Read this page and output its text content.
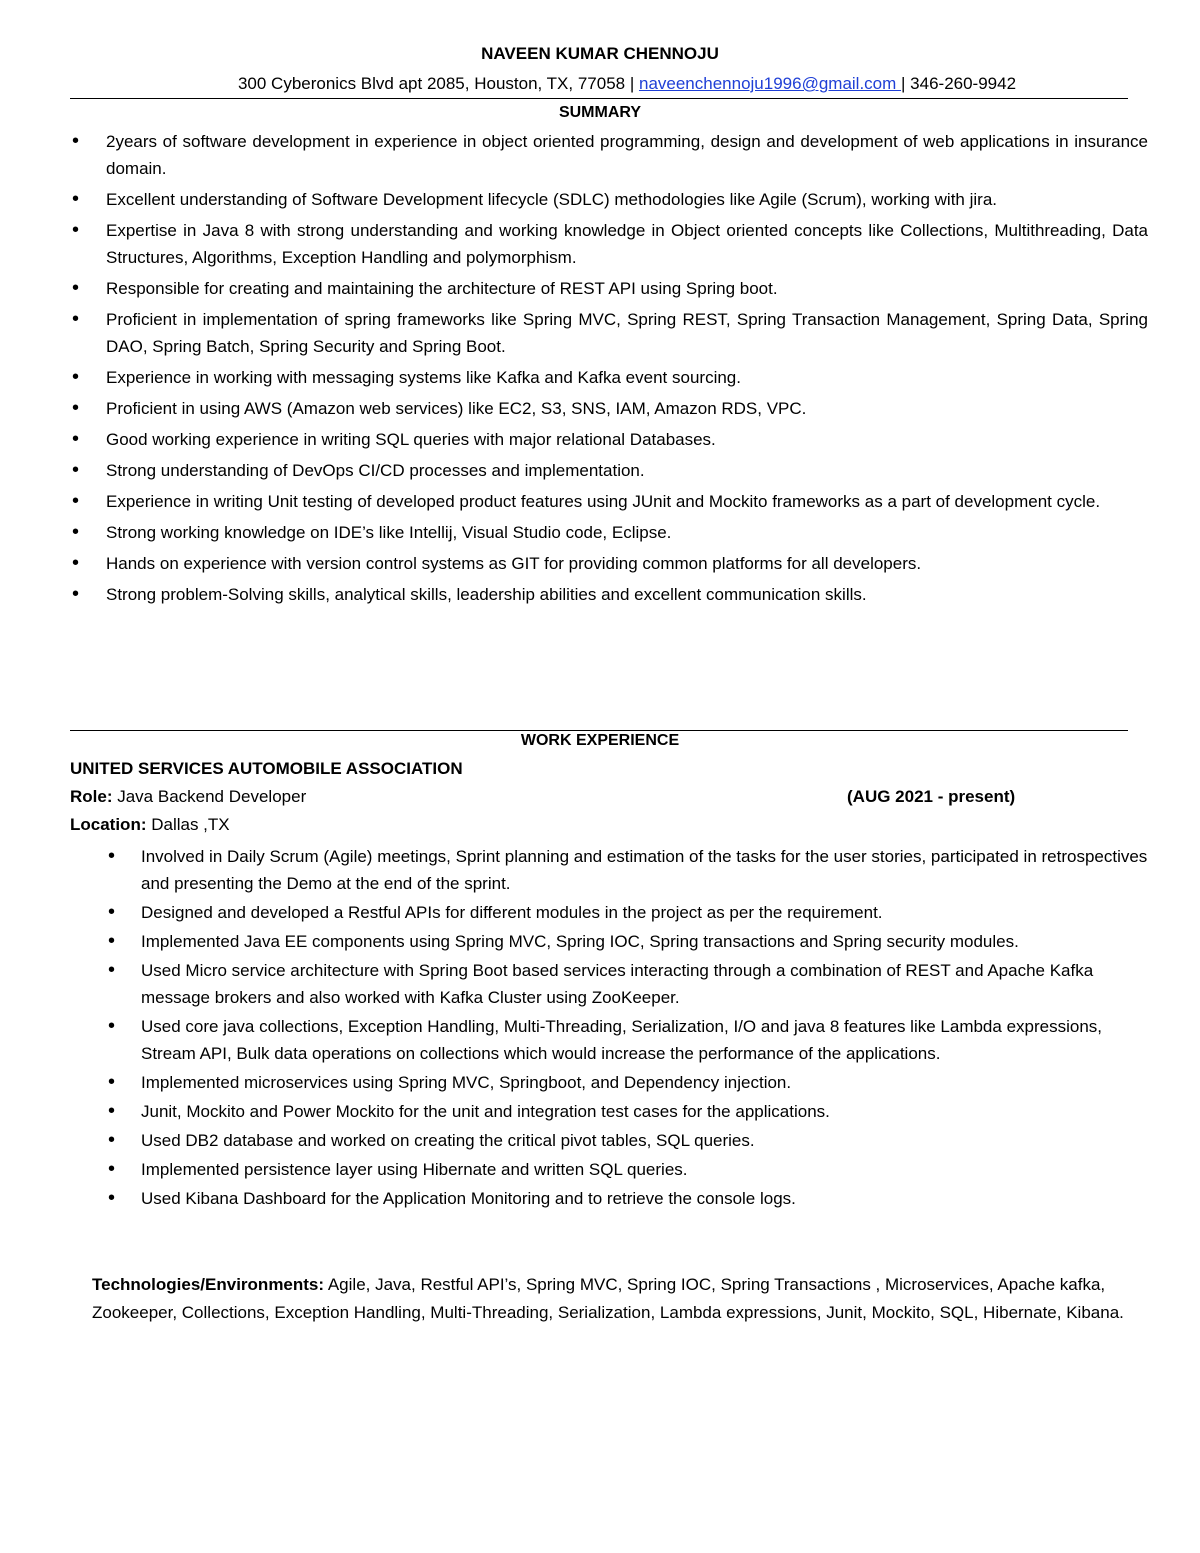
NAVEEN KUMAR CHENNOJU
300 Cyberonics Blvd apt 2085, Houston, TX, 77058 | naveenchennoju1996@gmail.com | 346-260-9942
SUMMARY
• 2years of software development in experience in object oriented programming, design and development of web applications in insurance domain.
• Excellent understanding of Software Development lifecycle (SDLC) methodologies like Agile (Scrum), working with jira.
• Expertise in Java 8 with strong understanding and working knowledge in Object oriented concepts like Collections, Multithreading, Data Structures, Algorithms, Exception Handling and polymorphism.
• Responsible for creating and maintaining the architecture of REST API using Spring boot.
• Proficient in implementation of spring frameworks like Spring MVC, Spring REST, Spring Transaction Management, Spring Data, Spring DAO, Spring Batch, Spring Security and Spring Boot.
• Experience in working with messaging systems like Kafka and Kafka event sourcing.
• Proficient in using AWS (Amazon web services) like EC2, S3, SNS, IAM, Amazon RDS, VPC.
• Good working experience in writing SQL queries with major relational Databases.
• Strong understanding of DevOps CI/CD processes and implementation.
• Experience in writing Unit testing of developed product features using JUnit and Mockito frameworks as a part of development cycle.
• Strong working knowledge on IDE’s like Intellij, Visual Studio code, Eclipse.
• Hands on experience with version control systems as GIT for providing common platforms for all developers.
• Strong problem-Solving skills, analytical skills, leadership abilities and excellent communication skills.
WORK EXPERIENCE
UNITED SERVICES AUTOMOBILE ASSOCIATION
Role: Java Backend Developer	(AUG 2021 - present)
Location: Dallas ,TX
• Involved in Daily Scrum (Agile) meetings, Sprint planning and estimation of the tasks for the user stories, participated in retrospectives and presenting the Demo at the end of the sprint.
• Designed and developed a Restful APIs for different modules in the project as per the requirement.
• Implemented Java EE components using Spring MVC, Spring IOC, Spring transactions and Spring security modules.
• Used Micro service architecture with Spring Boot based services interacting through a combination of REST and Apache Kafka message brokers and also worked with Kafka Cluster using ZooKeeper.
• Used core java collections, Exception Handling, Multi-Threading, Serialization, I/O and java 8 features like Lambda expressions, Stream API, Bulk data operations on collections which would increase the performance of the applications.
• Implemented microservices using Spring MVC, Springboot, and Dependency injection.
• Junit, Mockito and Power Mockito for the unit and integration test cases for the applications.
• Used DB2 database and worked on creating the critical pivot tables, SQL queries.
• Implemented persistence layer using Hibernate and written SQL queries.
• Used Kibana Dashboard for the Application Monitoring and to retrieve the console logs.
Technologies/Environments: Agile, Java, Restful API’s, Spring MVC, Spring IOC, Spring Transactions , Microservices, Apache kafka, Zookeeper, Collections, Exception Handling, Multi-Threading, Serialization, Lambda expressions, Junit, Mockito, SQL, Hibernate, Kibana.
